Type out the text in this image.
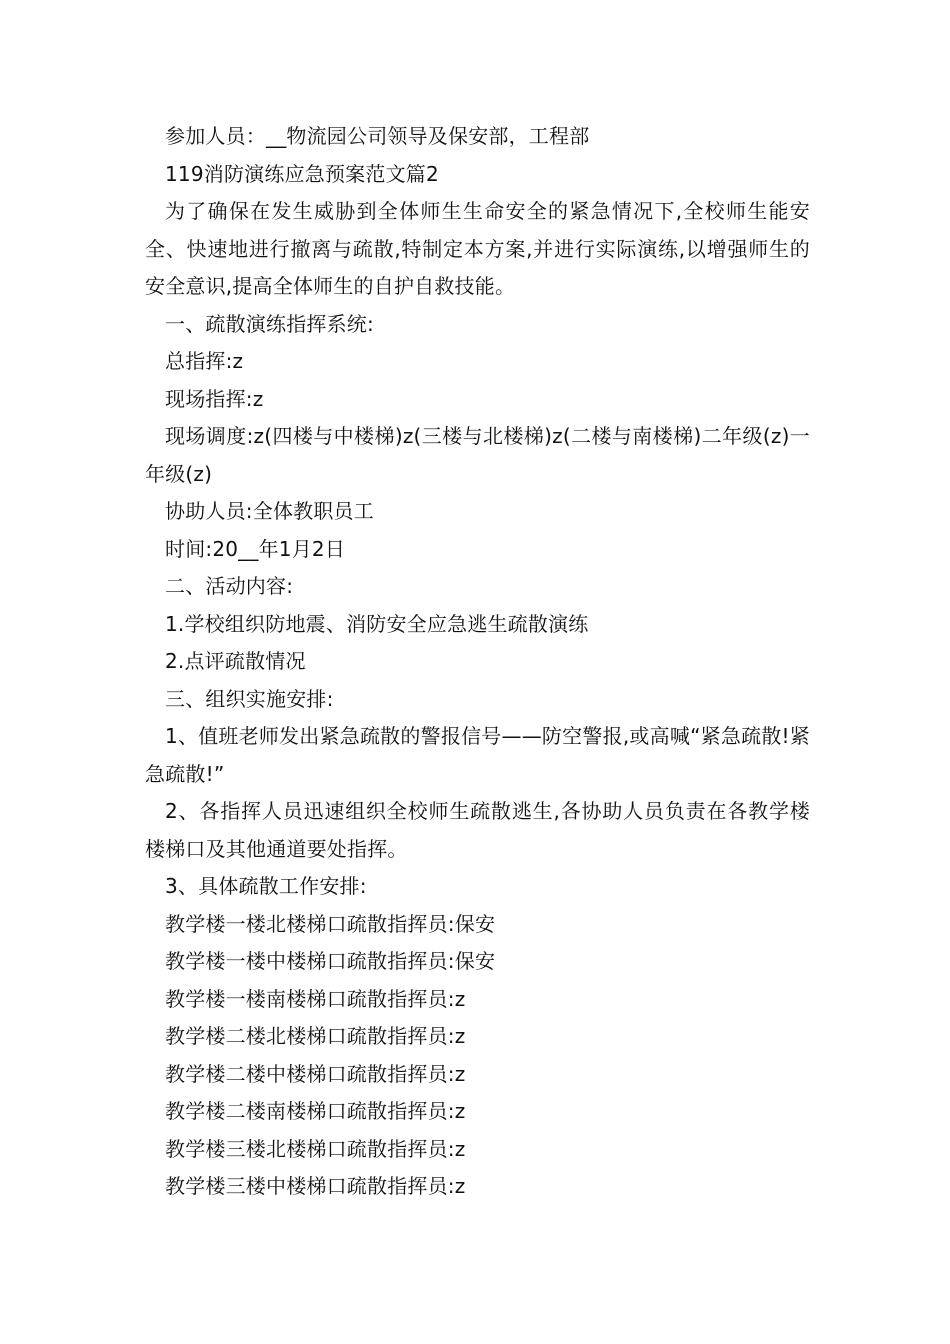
参加人员：__物流园公司领导及保安部，工程部

119消防演练应急预案范文篇2

为了确保在发生威胁到全体师生生命安全的紧急情况下,全校师生能安全、快速地进行撤离与疏散,特制定本方案,并进行实际演练,以增强师生的安全意识,提高全体师生的自护自救技能。

一、疏散演练指挥系统:

总指挥:z

现场指挥:z

现场调度:z(四楼与中楼梯)z(三楼与北楼梯)z(二楼与南楼梯)二年级(z)一年级(z)

协助人员:全体教职员工

时间:20__年1月2日

二、活动内容:

1.学校组织防地震、消防安全应急逃生疏散演练

2.点评疏散情况

三、组织实施安排:

1、值班老师发出紧急疏散的警报信号——防空警报,或高喊“紧急疏散!紧急疏散!”

2、各指挥人员迅速组织全校师生疏散逃生,各协助人员负责在各教学楼楼梯口及其他通道要处指挥。

3、具体疏散工作安排:

教学楼一楼北楼梯口疏散指挥员:保安

教学楼一楼中楼梯口疏散指挥员:保安

教学楼一楼南楼梯口疏散指挥员:z

教学楼二楼北楼梯口疏散指挥员:z

教学楼二楼中楼梯口疏散指挥员:z

教学楼二楼南楼梯口疏散指挥员:z

教学楼三楼北楼梯口疏散指挥员:z

教学楼三楼中楼梯口疏散指挥员:z
